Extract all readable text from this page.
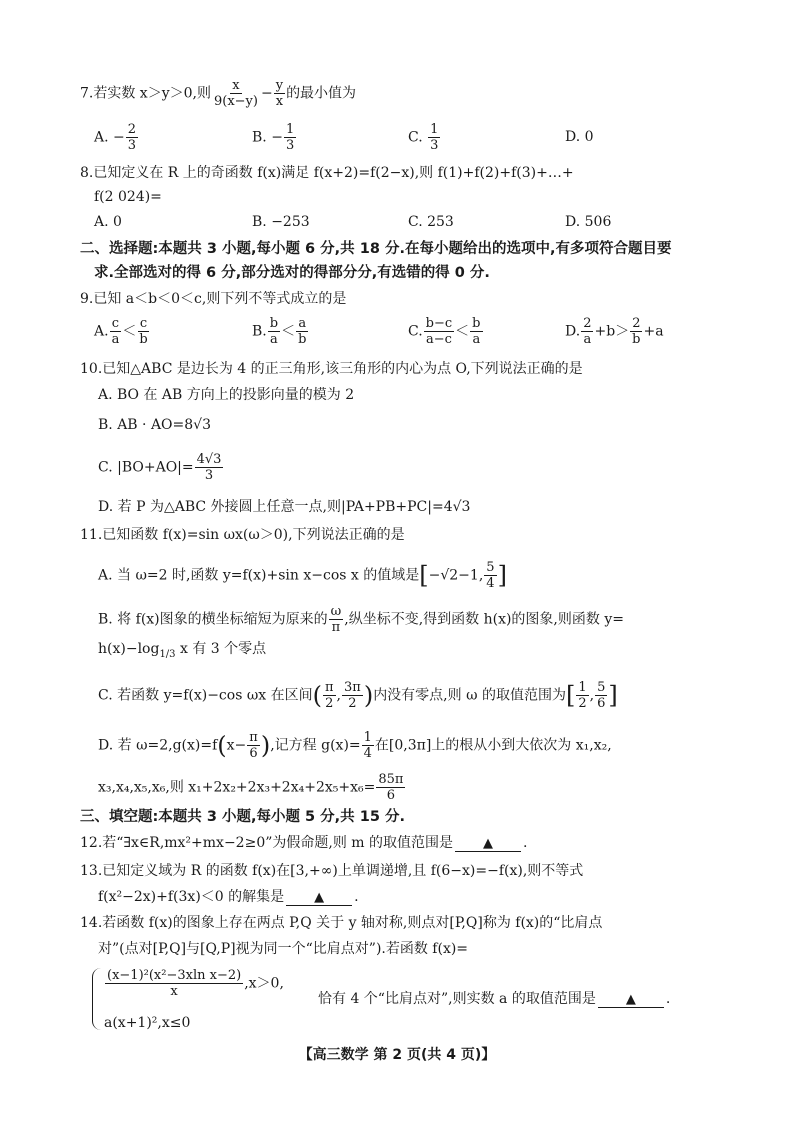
7.若实数 x＞y＞0,则 $\frac{x}{9(x-y)} - \frac{y}{x}$ 的最小值为
A. − $\frac{2}{3}$	B. − $\frac{1}{3}$	C. $\frac{1}{3}$	D. 0
8.已知定义在 R 上的奇函数 f(x)满足 f(x+2)=f(2−x),则 f(1)+f(2)+f(3)+…+
f(2 024)=
A. 0	B. −253	C. 253	D. 506
二、选择题:本题共 3 小题,每小题 6 分,共 18 分.在每小题给出的选项中,有多项符合题目要
求.全部选对的得 6 分,部分选对的得部分分,有选错的得 0 分.
9.已知 a＜b＜0＜c,则下列不等式成立的是
A. $\frac{c}{a} < \frac{c}{b}$	B. $\frac{b}{a} < \frac{a}{b}$	C. $\frac{b-c}{a-c} < \frac{b}{a}$	D. $\frac{2}{a} +b> \frac{2}{b} +a$
10.已知△ABC 是边长为 4 的正三角形,该三角形的内心为点 O,下列说法正确的是
A. BO 在 AB 方向上的投影向量的模为 2
B. AB · AO=8√3
C. $|BO+AO|= \frac{4√3}{3}$
D. 若 P 为△ABC 外接圆上任意一点,则|PA+PB+PC|=4√3
11.已知函数 f(x)=sin ωx(ω＞0),下列说法正确的是
A. 当 ω=2 时,函数 y=f(x)+sin x−cos x 的值域是[−√2−1, $\frac{5}{4}$ ]
B. 将 f(x)图象的横坐标缩短为原来的 $\frac{\omega}{\pi}$ ,纵坐标不变,得到函数 h(x)的图象,则函数 y=
$h(x)-\log_{1/3}$ x 有 3 个零点
C. 若函数 y=f(x)−cos ωx 在区间( $\frac{\pi}{2}$ , $\frac{3\pi}{2}$ )内没有零点,则 ω 的取值范围为[ $\frac{1}{2}$ , $\frac{5}{6}$ ]
D. 若 $\omega=2,g(x)=f(x- \frac{\pi}{6}$ ),记方程 $g(x)= \frac{1}{4}$ 在[0,3π]上的根从小到大依次为 x₁,x₂,
x₃,x₄,x₅,x₆,则 $x_1+2x_2+2x_3+2x_4+2x_5+x_6= \frac{85\pi}{6}$
三、填空题:本题共 3 小题,每小题 5 分,共 15 分.
12.若“∃x∈R,mx²+mx−2≥0”为假命题,则 m 的取值范围是 ▲ .
13.已知定义域为 R 的函数 f(x)在[3,+∞)上单调递增,且 f(6−x)=−f(x),则不等式
f(x²−2x)+f(3x)＜0 的解集是 ▲ .
14.若函数 f(x)的图象上存在两点 P,Q 关于 y 轴对称,则点对[P,Q]称为 f(x)的“比肩点
对”(点对[P,Q]与[Q,P]视为同一个“比肩点对”).若函数 f(x)=
$\frac{\text{(x−1)²(x²−3xln x−2)}}{x} ,x>0$,
恰有 4 个“比肩点对”,则实数 a 的取值范围是 ▲ .
a(x+1)²,x≤0
【高三数学 第 2 页(共 4 页)】
